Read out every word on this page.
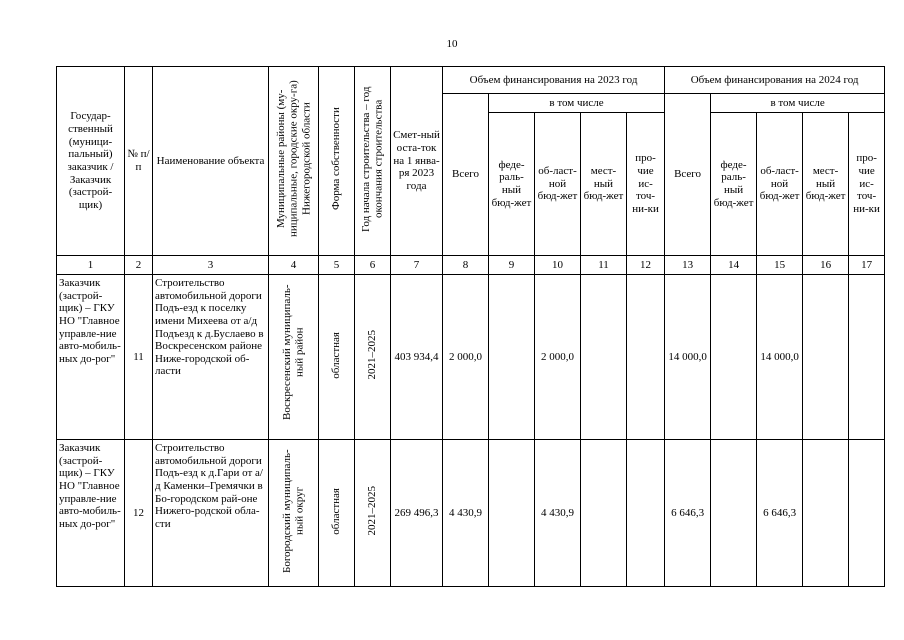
10
Государ-ственный (муници-пальный) заказчик / Заказчик (застрой-щик)	№ п/п	Наименование объекта	Муниципальные районы (му-ниципальные, городские окру-га) Нижегородской области	Форма собственности	Год начала строительства – год окончания строительства	Смет-ный оста-ток на 1 янва-ря 2023 года	Объем финансирования на 2023 год					Объем финансирования на 2024 год				
							Всего	в том числе				Всего	в том числе			
								феде-раль-ный бюд-жет	об-ласт-ной бюд-жет	мест-ный бюд-жет	про-чие ис-точ-ни-ки		феде-раль-ный бюд-жет	об-ласт-ной бюд-жет	мест-ный бюд-жет	про-чие ис-точ-ни-ки
1	2	3	4	5	6	7	8	9	10	11	12	13	14	15	16	17
Заказчик (застрой-щик) – ГКУ НО "Главное управле-ние авто-мобиль-ных до-рог"	11	Строительство автомобильной дороги Подъ-езд к поселку имени Михеева от а/д Подъезд к д.Буслаево в Воскресенском районе Ниже-городской об-ласти	Воскресенский муниципаль-ный район	областная	2021–2025	403 934,4	2 000,0		2 000,0			14 000,0		14 000,0		
Заказчик (застрой-щик) – ГКУ НО "Главное управле-ние авто-мобиль-ных до-рог"	12	Строительство автомобильной дороги Подъ-езд к д.Гари от а/д Каменки–Гремячки в Бо-городском рай-оне Нижего-родской обла-сти	Богородский муниципаль-ный округ	областная	2021–2025	269 496,3	4 430,9		4 430,9			6 646,3		6 646,3		
